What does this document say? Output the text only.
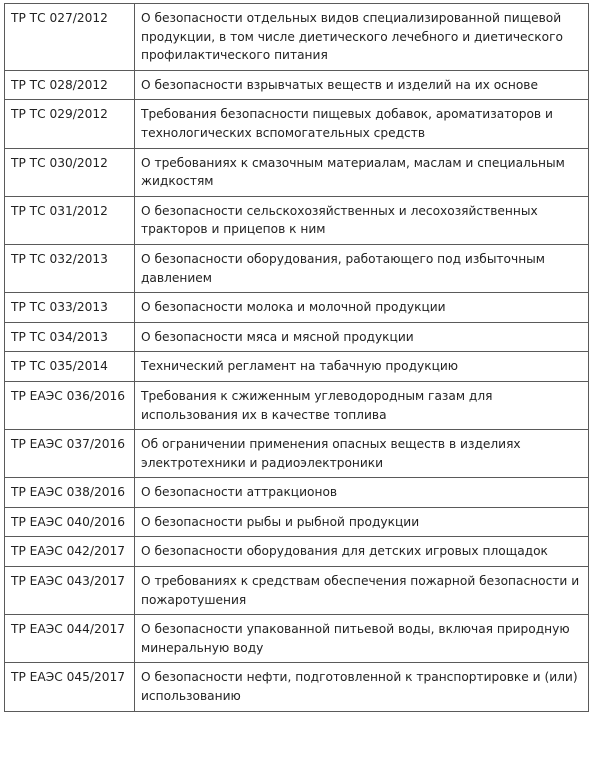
ТР ТС 027/2012	О безопасности отдельных видов специализированной пищевой продукции, в том числе диетического лечебного и диетического профилактического питания
ТР ТС 028/2012	О безопасности взрывчатых веществ и изделий на их основе
ТР ТС 029/2012	Требования безопасности пищевых добавок, ароматизаторов и технологических вспомогательных средств
ТР ТС 030/2012	О требованиях к смазочным материалам, маслам и специальным жидкостям
ТР ТС 031/2012	О безопасности сельскохозяйственных и лесохозяйственных тракторов и прицепов к ним
ТР ТС 032/2013	О безопасности оборудования, работающего под избыточным давлением
ТР ТС 033/2013	О безопасности молока и молочной продукции
ТР ТС 034/2013	О безопасности мяса и мясной продукции
ТР ТС 035/2014	Технический регламент на табачную продукцию
ТР ЕАЭС 036/2016	Требования к сжиженным углеводородным газам для использования их в качестве топлива
ТР ЕАЭС 037/2016	Об ограничении применения опасных веществ в изделиях электротехники и радиоэлектроники
ТР ЕАЭС 038/2016	О безопасности аттракционов
ТР ЕАЭС 040/2016	О безопасности рыбы и рыбной продукции
ТР ЕАЭС 042/2017	О безопасности оборудования для детских игровых площадок
ТР ЕАЭС 043/2017	О требованиях к средствам обеспечения пожарной безопасности и пожаротушения
ТР ЕАЭС 044/2017	О безопасности упакованной питьевой воды, включая природную минеральную воду
ТР ЕАЭС 045/2017	О безопасности нефти, подготовленной к транспортировке и (или) использованию
